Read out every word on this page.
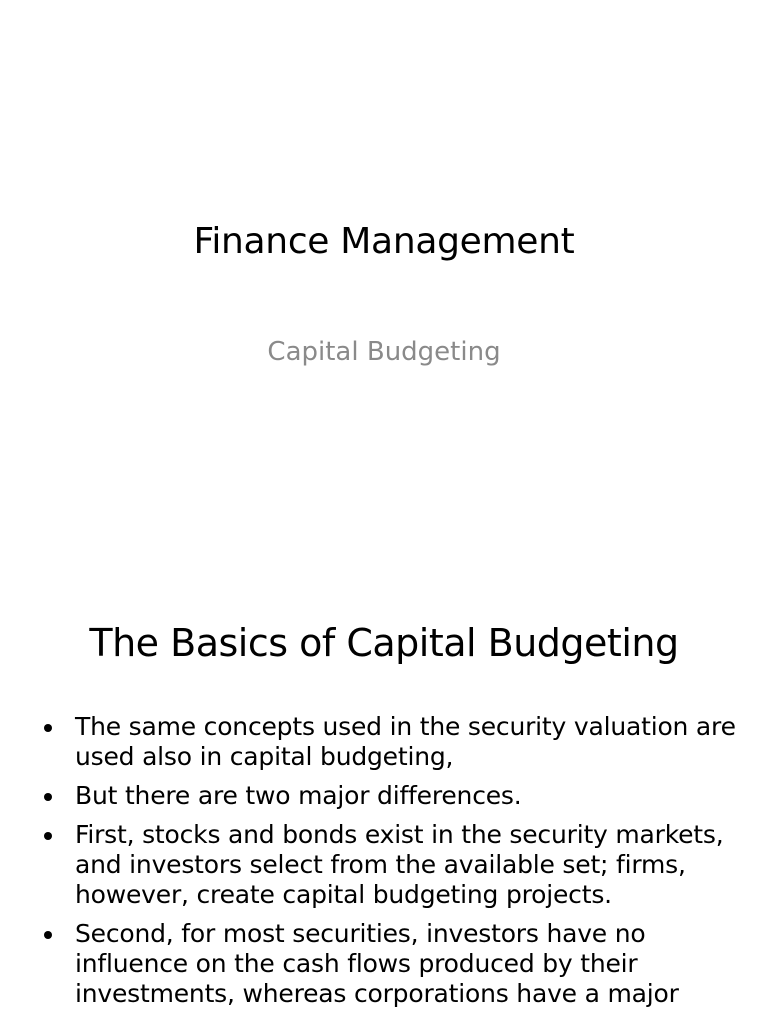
Finance Management

Capital Budgeting

The Basics of Capital Budgeting
The same concepts used in the security valuation are used also in capital budgeting,
But there are two major differences.
First, stocks and bonds exist in the security markets, and investors select from the available set; firms, however, create capital budgeting projects.
Second, for most securities, investors have no influence on the cash flows produced by their investments, whereas corporations have a major
